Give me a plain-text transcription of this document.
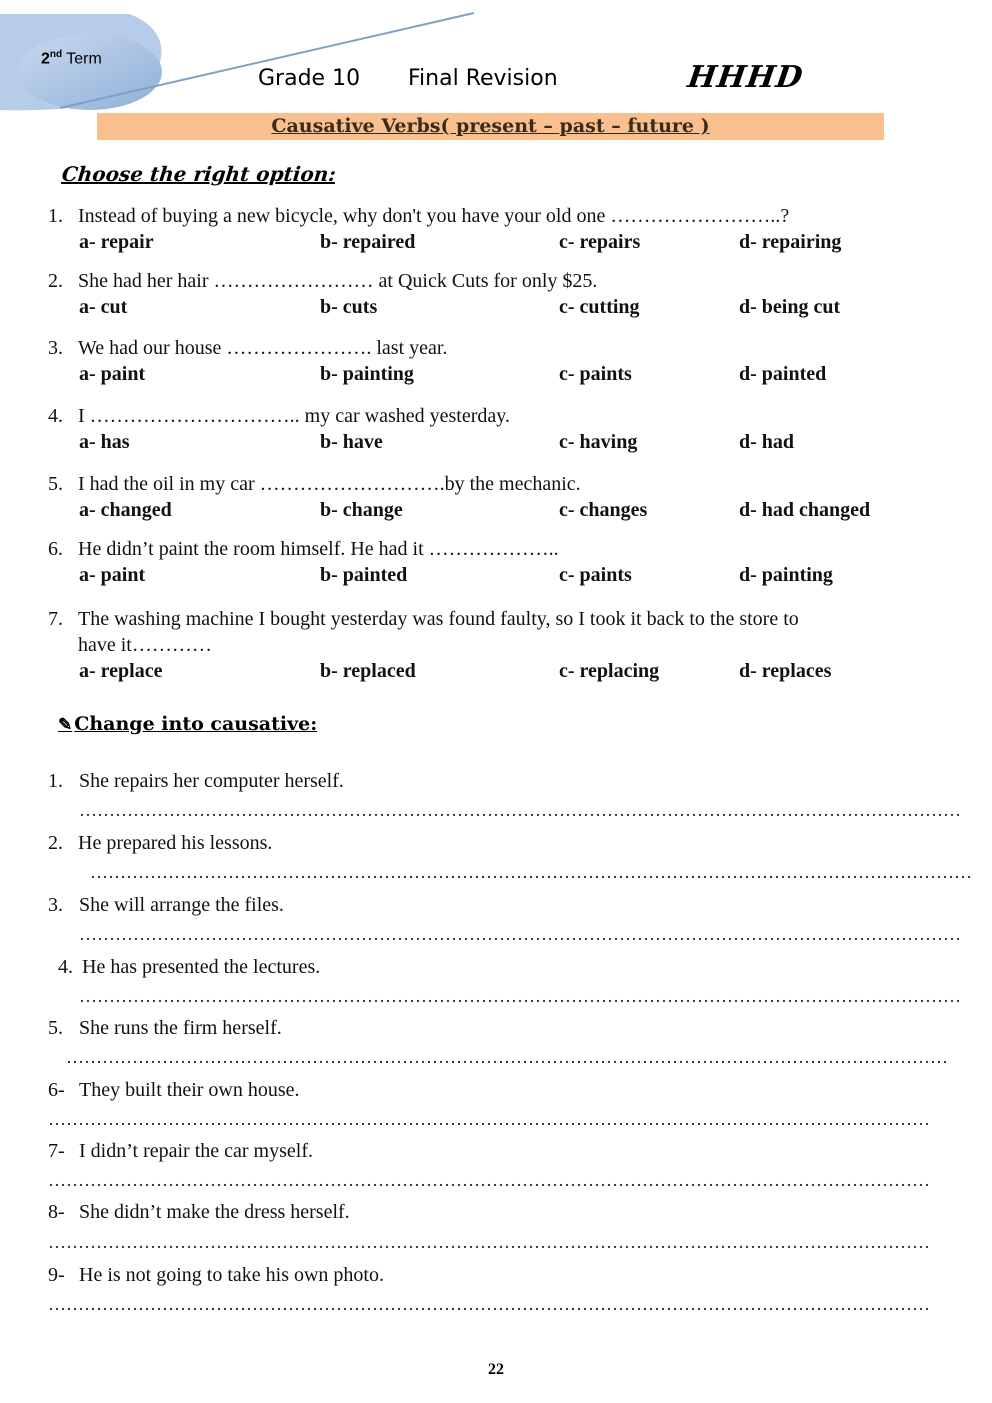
2nd Term
Grade 10 Final Revision	HHHD
Causative Verbs( present – past – future )
Choose the right option:
1. Instead of buying a new bicycle, why don't you have your old one ……………………..?
a- repair	b- repaired	c- repairs	d- repairing
2. She had her hair …………………… at Quick Cuts for only $25.
a- cut	b- cuts	c- cutting	d- being cut
3. We had our house …………………. last year.
a- paint	b- painting	c- paints	d- painted
4. I ………………………….. my car washed yesterday.
a- has	b- have	c- having	d- had
5. I had the oil in my car ……………………….by the mechanic.
a- changed	b- change	c- changes	d- had changed
6. He didn’t paint the room himself. He had it ………………..
a- paint	b- painted	c- paints	d- painting
7. The washing machine I bought yesterday was found faulty, so I took it back to the store to
have it…………
a- replace	b- replaced	c- replacing	d- replaces
✎ Change into causative:
1. She repairs her computer herself.
…………………………………………………………………………………………………………………………………
2. He prepared his lessons.
…………………………………………………………………………………………………………………………………
3. She will arrange the files.
…………………………………………………………………………………………………………………………………
4. He has presented the lectures.
…………………………………………………………………………………………………………………………………
5. She runs the firm herself.
…………………………………………………………………………………………………………………………………
6- They built their own house.
…………………………………………………………………………………………………………………………………
7- I didn’t repair the car myself.
…………………………………………………………………………………………………………………………………
8- She didn’t make the dress herself.
…………………………………………………………………………………………………………………………………
9- He is not going to take his own photo.
…………………………………………………………………………………………………………………………………
22
